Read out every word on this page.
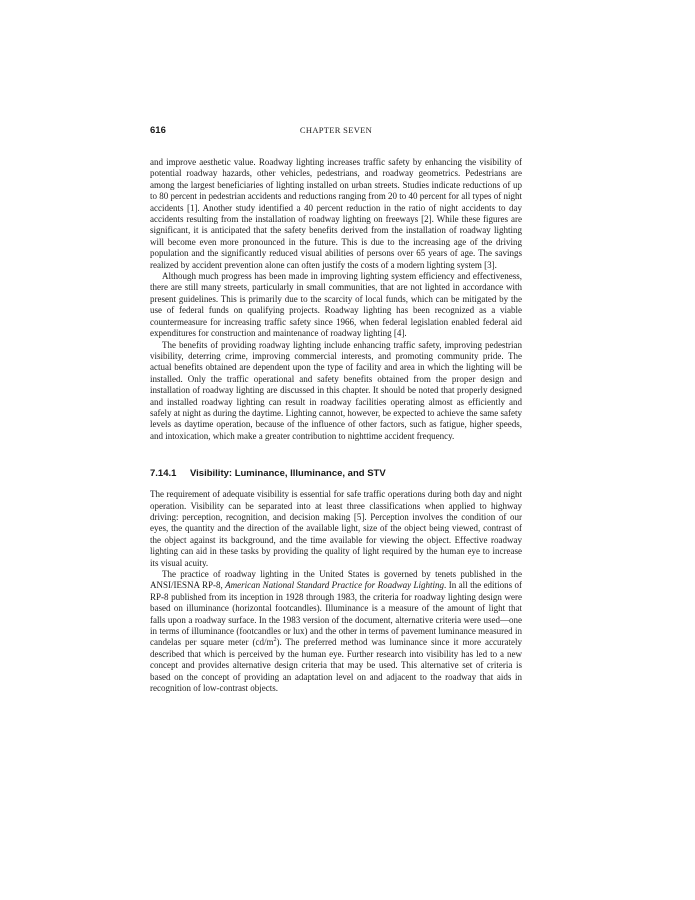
616	CHAPTER SEVEN

and improve aesthetic value. Roadway lighting increases traffic safety by enhancing the visibility of potential roadway hazards, other vehicles, pedestrians, and roadway geometrics. Pedestrians are among the largest beneficiaries of lighting installed on urban streets. Studies indicate reductions of up to 80 percent in pedestrian accidents and reductions ranging from 20 to 40 percent for all types of night accidents [1]. Another study identified a 40 percent reduction in the ratio of night accidents to day accidents resulting from the installation of roadway lighting on freeways [2]. While these figures are significant, it is anticipated that the safety benefits derived from the installation of roadway lighting will become even more pronounced in the future. This is due to the increasing age of the driving population and the significantly reduced visual abilities of persons over 65 years of age. The savings realized by accident prevention alone can often justify the costs of a modern lighting system [3].

Although much progress has been made in improving lighting system efficiency and effectiveness, there are still many streets, particularly in small communities, that are not lighted in accordance with present guidelines. This is primarily due to the scarcity of local funds, which can be mitigated by the use of federal funds on qualifying projects. Roadway lighting has been recognized as a viable countermeasure for increasing traffic safety since 1966, when federal legislation enabled federal aid expenditures for construction and maintenance of roadway lighting [4].

The benefits of providing roadway lighting include enhancing traffic safety, improving pedestrian visibility, deterring crime, improving commercial interests, and promoting community pride. The actual benefits obtained are dependent upon the type of facility and area in which the lighting will be installed. Only the traffic operational and safety benefits obtained from the proper design and installation of roadway lighting are discussed in this chapter. It should be noted that properly designed and installed roadway lighting can result in roadway facilities operating almost as efficiently and safely at night as during the daytime. Lighting cannot, however, be expected to achieve the same safety levels as daytime operation, because of the influence of other factors, such as fatigue, higher speeds, and intoxication, which make a greater contribution to nighttime accident frequency.

7.14.1 Visibility: Luminance, Illuminance, and STV

The requirement of adequate visibility is essential for safe traffic operations during both day and night operation. Visibility can be separated into at least three classifications when applied to highway driving: perception, recognition, and decision making [5]. Perception involves the condition of our eyes, the quantity and the direction of the available light, size of the object being viewed, contrast of the object against its background, and the time available for viewing the object. Effective roadway lighting can aid in these tasks by providing the quality of light required by the human eye to increase its visual acuity.

The practice of roadway lighting in the United States is governed by tenets published in the ANSI/IESNA RP-8, American National Standard Practice for Roadway Lighting. In all the editions of RP-8 published from its inception in 1928 through 1983, the criteria for roadway lighting design were based on illuminance (horizontal footcandles). Illuminance is a measure of the amount of light that falls upon a roadway surface. In the 1983 version of the document, alternative criteria were used—one in terms of illuminance (footcandles or lux) and the other in terms of pavement luminance measured in candelas per square meter $(cd/m^2)$. The preferred method was luminance since it more accurately described that which is perceived by the human eye. Further research into visibility has led to a new concept and provides alternative design criteria that may be used. This alternative set of criteria is based on the concept of providing an adaptation level on and adjacent to the roadway that aids in recognition of low-contrast objects.
